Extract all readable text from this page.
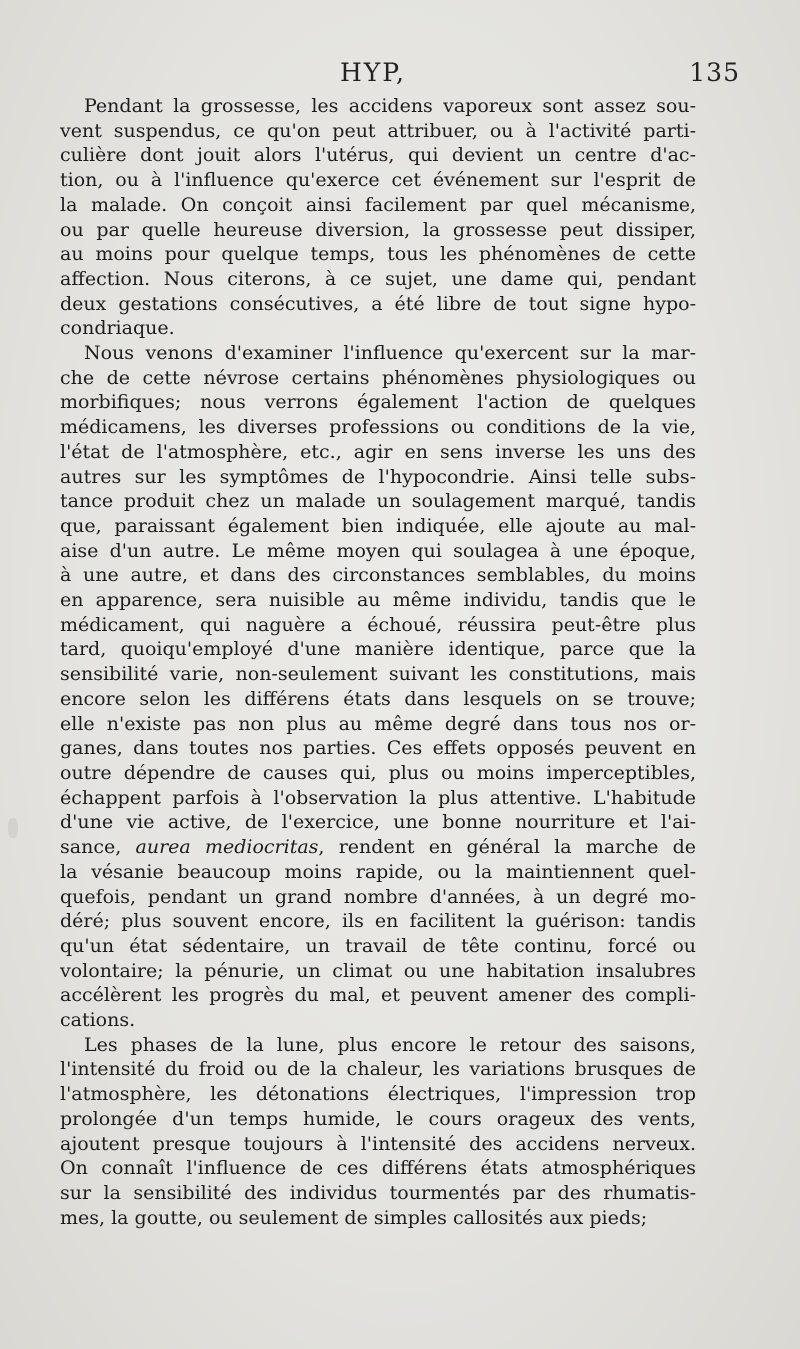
HYP,	135
Pendant la grossesse, les accidens vaporeux sont assez sou-
vent suspendus, ce qu'on peut attribuer, ou à l'activité parti-
culière dont jouit alors l'utérus, qui devient un centre d'ac-
tion, ou à l'influence qu'exerce cet événement sur l'esprit de
la malade. On conçoit ainsi facilement par quel mécanisme,
ou par quelle heureuse diversion, la grossesse peut dissiper,
au moins pour quelque temps, tous les phénomènes de cette
affection. Nous citerons, à ce sujet, une dame qui, pendant
deux gestations consécutives, a été libre de tout signe hypo-
condriaque.
Nous venons d'examiner l'influence qu'exercent sur la mar-
che de cette névrose certains phénomènes physiologiques ou
morbifiques; nous verrons également l'action de quelques
médicamens, les diverses professions ou conditions de la vie,
l'état de l'atmosphère, etc., agir en sens inverse les uns des
autres sur les symptômes de l'hypocondrie. Ainsi telle subs-
tance produit chez un malade un soulagement marqué, tandis
que, paraissant également bien indiquée, elle ajoute au mal-
aise d'un autre. Le même moyen qui soulagea à une époque,
à une autre, et dans des circonstances semblables, du moins
en apparence, sera nuisible au même individu, tandis que le
médicament, qui naguère a échoué, réussira peut-être plus
tard, quoiqu'employé d'une manière identique, parce que la
sensibilité varie, non-seulement suivant les constitutions, mais
encore selon les différens états dans lesquels on se trouve;
elle n'existe pas non plus au même degré dans tous nos or-
ganes, dans toutes nos parties. Ces effets opposés peuvent en
outre dépendre de causes qui, plus ou moins imperceptibles,
échappent parfois à l'observation la plus attentive. L'habitude
d'une vie active, de l'exercice, une bonne nourriture et l'ai-
sance, aurea mediocritas, rendent en général la marche de
la vésanie beaucoup moins rapide, ou la maintiennent quel-
quefois, pendant un grand nombre d'années, à un degré mo-
déré; plus souvent encore, ils en facilitent la guérison: tandis
qu'un état sédentaire, un travail de tête continu, forcé ou
volontaire; la pénurie, un climat ou une habitation insalubres
accélèrent les progrès du mal, et peuvent amener des compli-
cations.
Les phases de la lune, plus encore le retour des saisons,
l'intensité du froid ou de la chaleur, les variations brusques de
l'atmosphère, les détonations électriques, l'impression trop
prolongée d'un temps humide, le cours orageux des vents,
ajoutent presque toujours à l'intensité des accidens nerveux.
On connaît l'influence de ces différens états atmosphériques
sur la sensibilité des individus tourmentés par des rhumatis-
mes, la goutte, ou seulement de simples callosités aux pieds;
